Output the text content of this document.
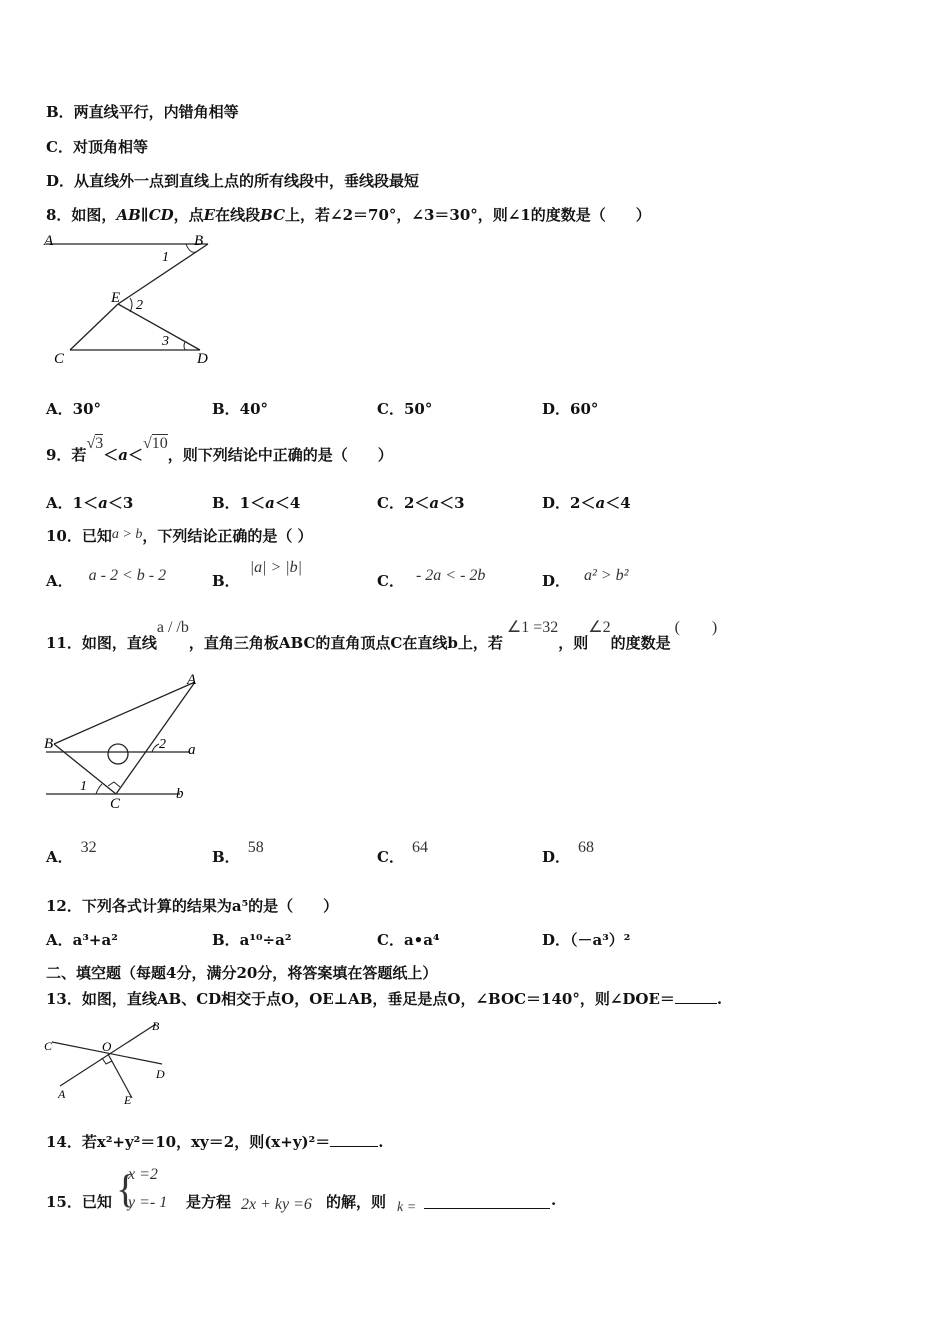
B．两直线平行，内错角相等
C．对顶角相等
D．从直线外一点到直线上点的所有线段中，垂线段最短
8．如图，AB∥CD，点E在线段BC上，若∠2＝70°，∠3＝30°，则∠1的度数是（　　）
A	B
1
E 2
3
C	D
A．30°	B．40°	C．50°	D．60°
9．若√3＜a＜√10，则下列结论中正确的是（　　）
A．1＜a＜3	B．1＜a＜4	C．2＜a＜3	D．2＜a＜4
10．已知a > b，下列结论正确的是（ ）
A． a - 2 < b - 2	B．|a| > |b|
C． - 2a < - 2b	D． a² > b²
11．如图，直线a / /b，直角三角板ABC的直角顶点C在直线b上，若∠1 =32，则∠2的度数是(　　)
A
B	2 a
1
C
b
A．32
B．58
C．64
D．68
12．下列各式计算的结果为a⁵的是（　　）
A．a³+a²	B．a¹⁰÷a²	C．a•a⁴	D．（－a³）²
二、填空题（每题4分，满分20分，将答案填在答题纸上）
13．如图，直线AB、CD相交于点O，OE⊥AB，垂足是点O，∠BOC＝140°，则∠DOE＝	.
B
C	O
D
A	E
14．若x²+y²＝10，xy＝2，则(x+y)²＝	.
15．已知 {
x =2
y =- 1 是方程 2x + ky =6 的解，则 k =	.
